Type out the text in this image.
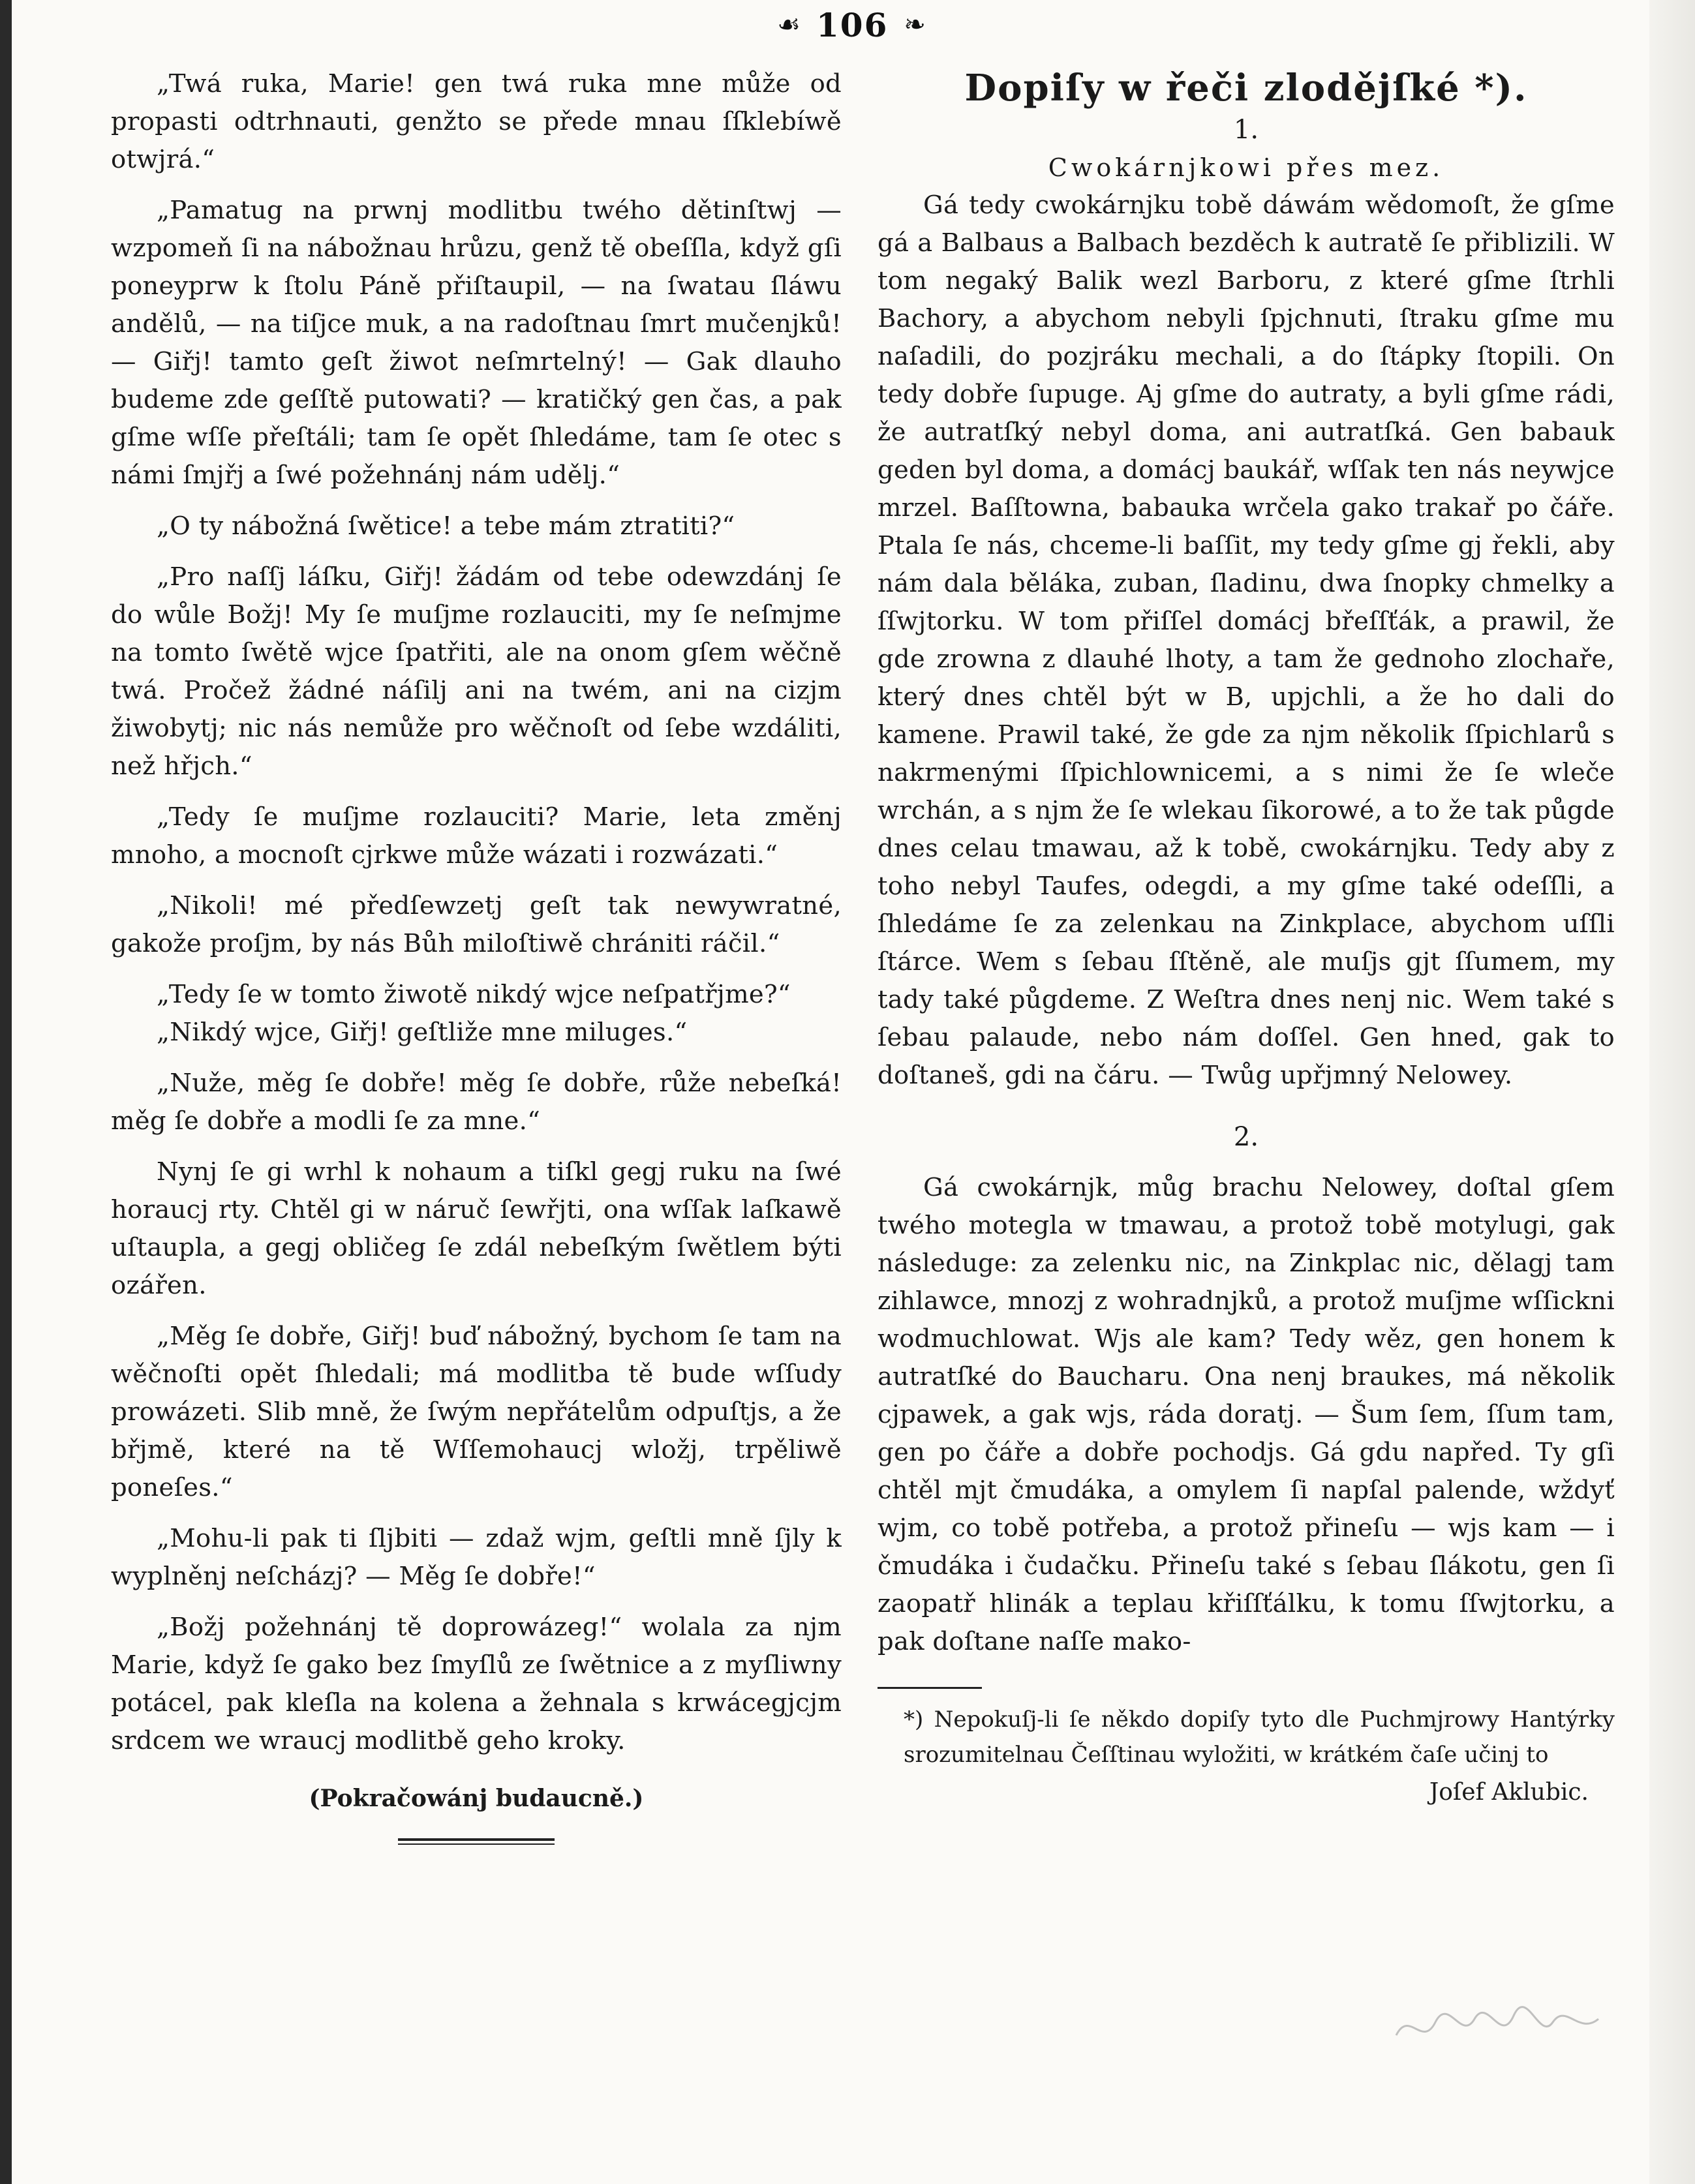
☙ 106 ❧

„Twá ruka, Marie! gen twá ruka mne může od propasti odtrhnauti, genžto se přede mnau ſſklebíwě otwjrá.“

„Pamatug na prwnj modlitbu twého dětinſtwj — wzpomeň ſi na nábožnau hrůzu, genž tě obeſſla, když gſi poneyprw k ſtolu Páně přiſtaupil, — na ſwatau ſláwu andělů, — na tiſjce muk, a na radoſtnau ſmrt mučenjků! — Giřj! tamto geſt žiwot neſmrtelný! — Gak dlauho budeme zde geſſtě putowati? — kratičký gen čas, a pak gſme wſſe přeſtáli; tam ſe opět ſhledáme, tam ſe otec s námi ſmjřj a ſwé požehnánj nám udělj.“

„O ty nábožná ſwětice! a tebe mám ztratiti?“

„Pro naſſj láſku, Giřj! žádám od tebe odewzdánj ſe do wůle Božj! My ſe muſjme rozlauciti, my ſe neſmjme na tomto ſwětě wjce ſpatřiti, ale na onom gſem wěčně twá. Pročež žádné náſilj ani na twém, ani na cizjm žiwobytj; nic nás nemůže pro wěčnoſt od ſebe wzdáliti, než hřjch.“

„Tedy ſe muſjme rozlauciti? Marie, leta změnj mnoho, a mocnoſt cjrkwe může wázati i rozwázati.“

„Nikoli! mé předſewzetj geſt tak newywratné, gakože proſjm, by nás Bůh miloſtiwě chrániti ráčil.“

„Tedy ſe w tomto žiwotě nikdý wjce neſpatřjme?“

„Nikdý wjce, Giřj! geſtliže mne miluges.“

„Nuže, měg ſe dobře! měg ſe dobře, růže nebeſká! měg ſe dobře a modli ſe za mne.“

Nynj ſe gi wrhl k nohaum a tiſkl gegj ruku na ſwé horaucj rty. Chtěl gi w náruč ſewřjti, ona wſſak laſkawě uſtaupla, a gegj obličeg ſe zdál nebeſkým ſwětlem býti ozářen.

„Měg ſe dobře, Giřj! buď nábožný, bychom ſe tam na wěčnoſti opět ſhledali; má modlitba tě bude wſſudy prowázeti. Slib mně, že ſwým nepřátelům odpuſtjs, a že břjmě, které na tě Wſſemohaucj wložj, trpěliwě poneſes.“

„Mohu-li pak ti ſljbiti — zdaž wjm, geſtli mně ſjly k wyplněnj neſcházj? — Měg ſe dobře!“

„Božj požehnánj tě doprowázeg!“ wolala za njm Marie, když ſe gako bez ſmyſlů ze ſwětnice a z myſliwny potácel, pak kleſla na kolena a žehnala s krwácegjcjm srdcem we wraucj modlitbě geho kroky.

(Pokračowánj budaucně.)
Dopiſy w řeči zlodějſké *).
1.
Cwokárnjkowi přes mez.

Gá tedy cwokárnjku tobě dáwám wědomoſt, že gſme gá a Balbaus a Balbach bezděch k autratě ſe přiblizili. W tom negaký Balik wezl Barboru, z které gſme ſtrhli Bachory, a abychom nebyli ſpjchnuti, ſtraku gſme mu naſadili, do pozjráku mechali, a do ſtápky ſtopili. On tedy dobře ſupuge. Aj gſme do autraty, a byli gſme rádi, že autratſký nebyl doma, ani autratſká. Gen babauk geden byl doma, a domácj baukář, wſſak ten nás neywjce mrzel. Baſſtowna, babauka wrčela gako trakař po čáře. Ptala ſe nás, chceme-li baſſit, my tedy gſme gj řekli, aby nám dala běláka, zuban, ſladinu, dwa ſnopky chmelky a ſſwjtorku. W tom přiſſel domácj břeſſťák, a prawil, že gde zrowna z dlauhé lhoty, a tam že gednoho zlochaře, který dnes chtěl být w B, upjchli, a že ho dali do kamene. Prawil také, že gde za njm několik ſſpichlarů s nakrmenými ſſpichlownicemi, a s nimi že ſe wleče wrchán, a s njm že ſe wlekau ſikorowé, a to že tak půgde dnes celau tmawau, až k tobě, cwokárnjku. Tedy aby z toho nebyl Taufes, odegdi, a my gſme také odeſſli, a ſhledáme ſe za zelenkau na Zinkplace, abychom uſſli ſtárce. Wem s ſebau ſſtěně, ale muſjs gjt ſſumem, my tady také půgdeme. Z Weſtra dnes nenj nic. Wem také s ſebau palaude, nebo nám doſſel. Gen hned, gak to doſtaneš, gdi na čáru. — Twůg upřjmný Nelowey.

2.

Gá cwokárnjk, můg brachu Nelowey, doſtal gſem twého motegla w tmawau, a protož tobě motylugi, gak následuge: za zelenku nic, na Zinkplac nic, dělagj tam zihlawce, mnozj z wohradnjků, a protož muſjme wſſickni wodmuchlowat. Wjs ale kam? Tedy wěz, gen honem k autratſké do Baucharu. Ona nenj braukes, má několik cjpawek, a gak wjs, ráda doratj. — Šum ſem, ſſum tam, gen po čáře a dobře pochodjs. Gá gdu napřed. Ty gſi chtěl mjt čmudáka, a omylem ſi napſal palende, wždyť wjm, co tobě potřeba, a protož přineſu — wjs kam — i čmudáka i čudačku. Přineſu také s ſebau ſlákotu, gen ſi zaopatř hlinák a teplau křiſſťálku, k tomu ſſwjtorku, a pak doſtane naſſe mako-

*) Nepokuſj-li ſe někdo dopiſy tyto dle Puchmjrowy Hantýrky srozumitelnau Čeſſtinau wyložiti, w krátkém čaſe učinj to

Joſef Aklubic.
